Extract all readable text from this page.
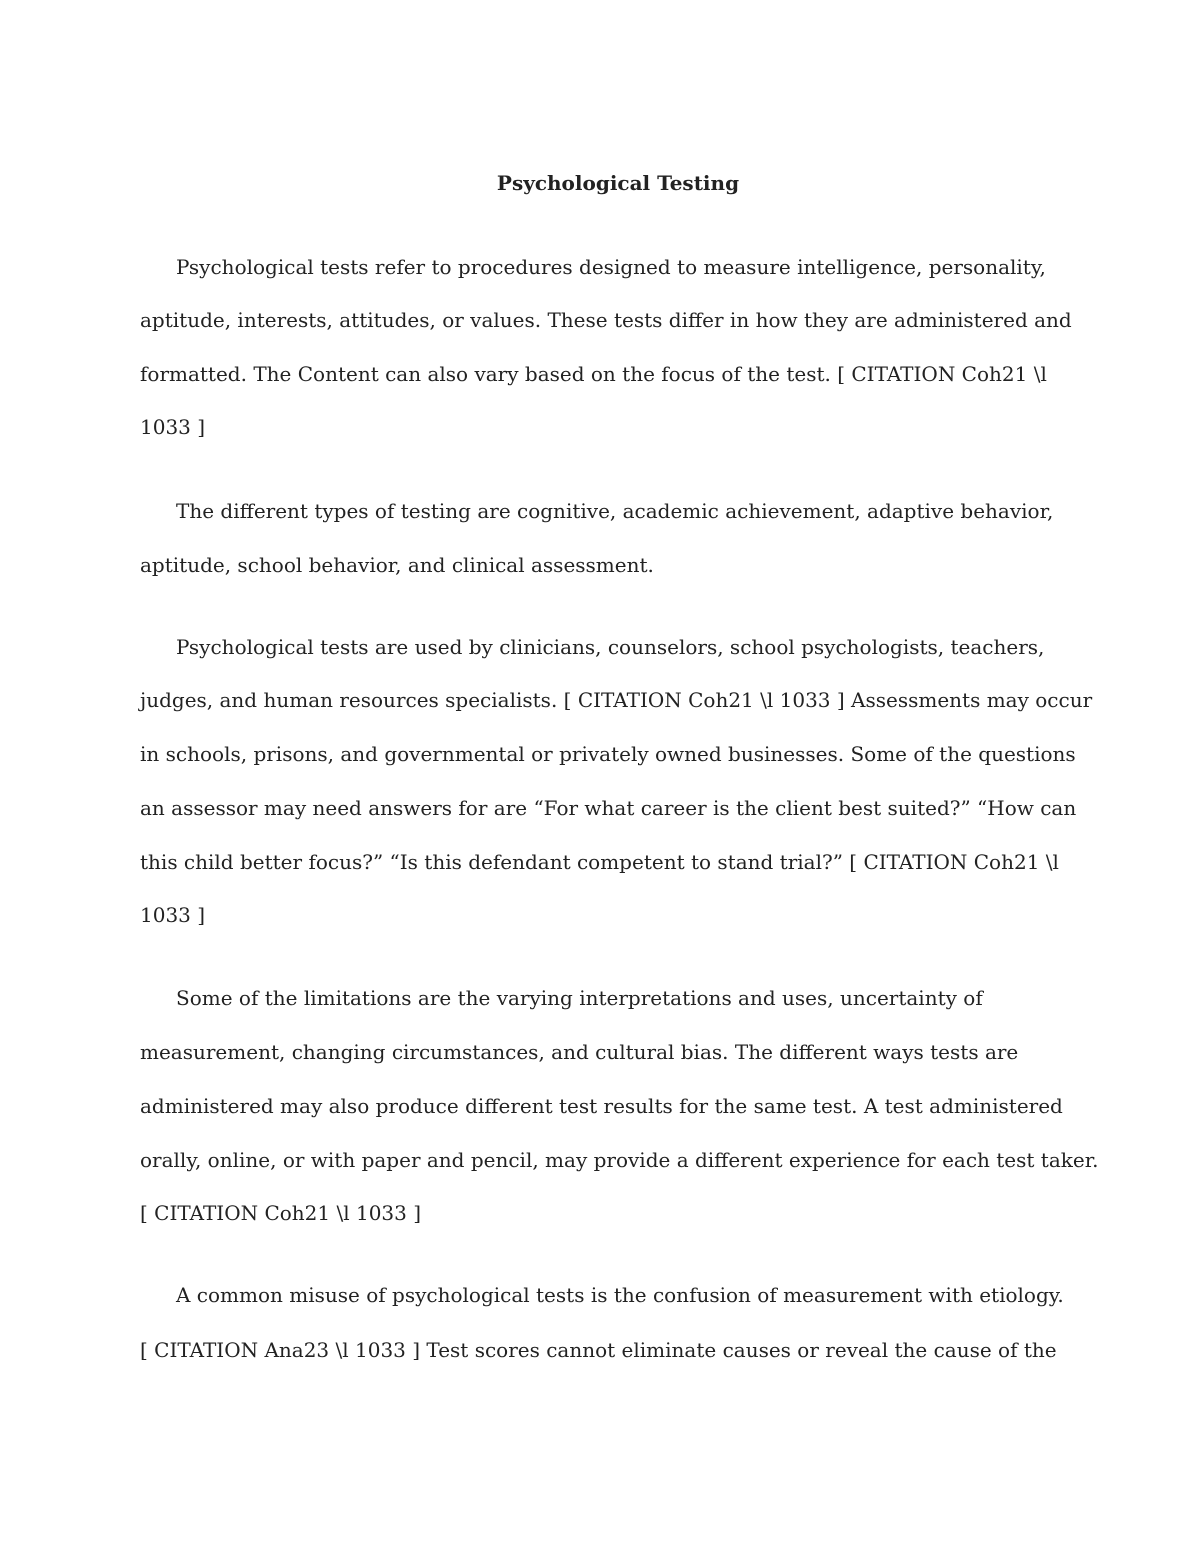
Psychological Testing

Psychological tests refer to procedures designed to measure intelligence, personality,

aptitude, interests, attitudes, or values. These tests differ in how they are administered and

formatted. The Content can also vary based on the focus of the test. [ CITATION Coh21 \l

1033 ]

The different types of testing are cognitive, academic achievement, adaptive behavior,

aptitude, school behavior, and clinical assessment.

Psychological tests are used by clinicians, counselors, school psychologists, teachers,

judges, and human resources specialists. [ CITATION Coh21 \l 1033 ] Assessments may occur

in schools, prisons, and governmental or privately owned businesses. Some of the questions

an assessor may need answers for are “For what career is the client best suited?” “How can

this child better focus?” “Is this defendant competent to stand trial?” [ CITATION Coh21 \l

1033 ]

Some of the limitations are the varying interpretations and uses, uncertainty of

measurement, changing circumstances, and cultural bias. The different ways tests are

administered may also produce different test results for the same test. A test administered

orally, online, or with paper and pencil, may provide a different experience for each test taker.

[ CITATION Coh21 \l 1033 ]

A common misuse of psychological tests is the confusion of measurement with etiology.

[ CITATION Ana23 \l 1033 ] Test scores cannot eliminate causes or reveal the cause of the
